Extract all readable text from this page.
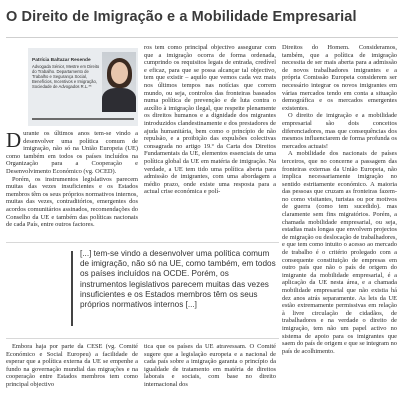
O Direito de Imigração e a Mobilidade Empresarial
Patrícia Baltazar Resende
Advogada Sénior, Mestre em Direito do Trabalho. Departamento de Trabalho e Segurança Social, Benefícios, Incentivos e Imigração, Sociedade de Advogados R.L.**

Durante os últimos anos tem-se vindo a desenvolver uma política comum de imigração, não só na União Europeia (UE) como também em todos os países incluídos na Organização para a Cooperação e Desenvolvimento Económico (vg. OCED).

Porém, os instrumentos legislativos parecem muitas das vezes insuficientes e os Estados membros têm os seus próprios normativos internos, muitas das vezes, contraditórios, emergentes dos acordos comunitários assinados, recomendações do Conselho da UE e também das políticas nacionais de cada País, entre outros factores.

ros tem como principal objectivo assegurar com que a imigração ocorra de forma ordenada, cumprindo os requisitos legais de entrada, credível e eficaz, para que se possa alcançar tal objectivo, tem que existir – aquilo que vemos cada vez mais nos últimos tempos nas notícias que correm mundo, ou seja, controlos das fronteiras baseados numa política de prevenção e de luta contra o auxílio à imigração ilegal, que respeite plenamente os direitos humanos e a dignidade dos migrantes introduzidos clandestinamente e dos prestadores de ajuda humanitária, bem como o princípio de não repulsão, e a proibição das expulsões colectivas consagrada no artigo 19.º da Carta dos Direitos Fundamentais da UE, elementos essenciais de uma política global da UE em matéria de imigração. Na verdade, a UE tem tido uma política aberta para admissão de imigrantes, com uma abordagem a médio prazo, onde existe uma resposta para a actual crise económica e polí-

Direitos do Homem. Consideramos, também, que a política de imigração necessita de ser mais aberta para a admissão de novos trabalhadores imigrantes e a própria Comissão Europeia considerem ser necessário integrar os novos imigrantes em várias mercados tendo em conta a situação demográfica e os mercados emergentes existentes.

O direito de imigração e a mobilidade empresarial são dois conceitos diferenciadores, mas que consequências dos mesmos influenciarem de forma profunda os mercados actuais!

A mobilidade dos nacionais de países terceiros, que no concerne a passagem das fronteiras externas da União Europeia, não implica necessariamente imigração no sentido estritamente económico. A maioria das pessoas que cruzam as fronteiras fazem-no como visitantes, turistas ou por motivos de guerra (como tem sucedido). mas claramente sem fins migratórios. Porém, a chamada mobilidade empresarial, ou seja, estadias mais longas que envolvem projectos de migração ou deslocação de trabalhadores, e que tem como intuito o acesso ao mercado de trabalho é o critério prolegado com a consequente constituição de empresas em outro país que não o país de origem do imigrante da mobilidade empresarial, é a aplicação da UE nesta área, e a chamada mobilidade empresarial que não existia há dez anos atrás separamente. As leis da UE estão extremamente permissivas em relação à livre circulação de cidadãos, de trabalhadores e na verdade o direito de imigração, tem não um papel activo no sistema de apoio para os imigrantes que saem do país de origem e que se integram no país de acolhimento.

[...] tem-se vindo a desenvolver uma política comum de imigração, não só na UE, como também, em todos os países incluídos na OCDE. Porém, os instrumentos legislativos parecem muitas das vezes insuficientes e os Estados membros têm os seus próprios normativos internos [...]

Embora haja por parte da CESE (vg. Comité Económico e Social Europeu) a facilidade de esperar que a política externa da UE se empenhe a fundo na governação mundial das migrações e na cooperação entre Estados membros tem como principal objectivo

tica que os países da UE atravessam. O Comité sugere que a legislação europeia e a nacional de cada país sobre a imigração garanta o princípio da igualdade de tratamento em matéria de direitos laborais e sociais, com base no direito internacional dos
